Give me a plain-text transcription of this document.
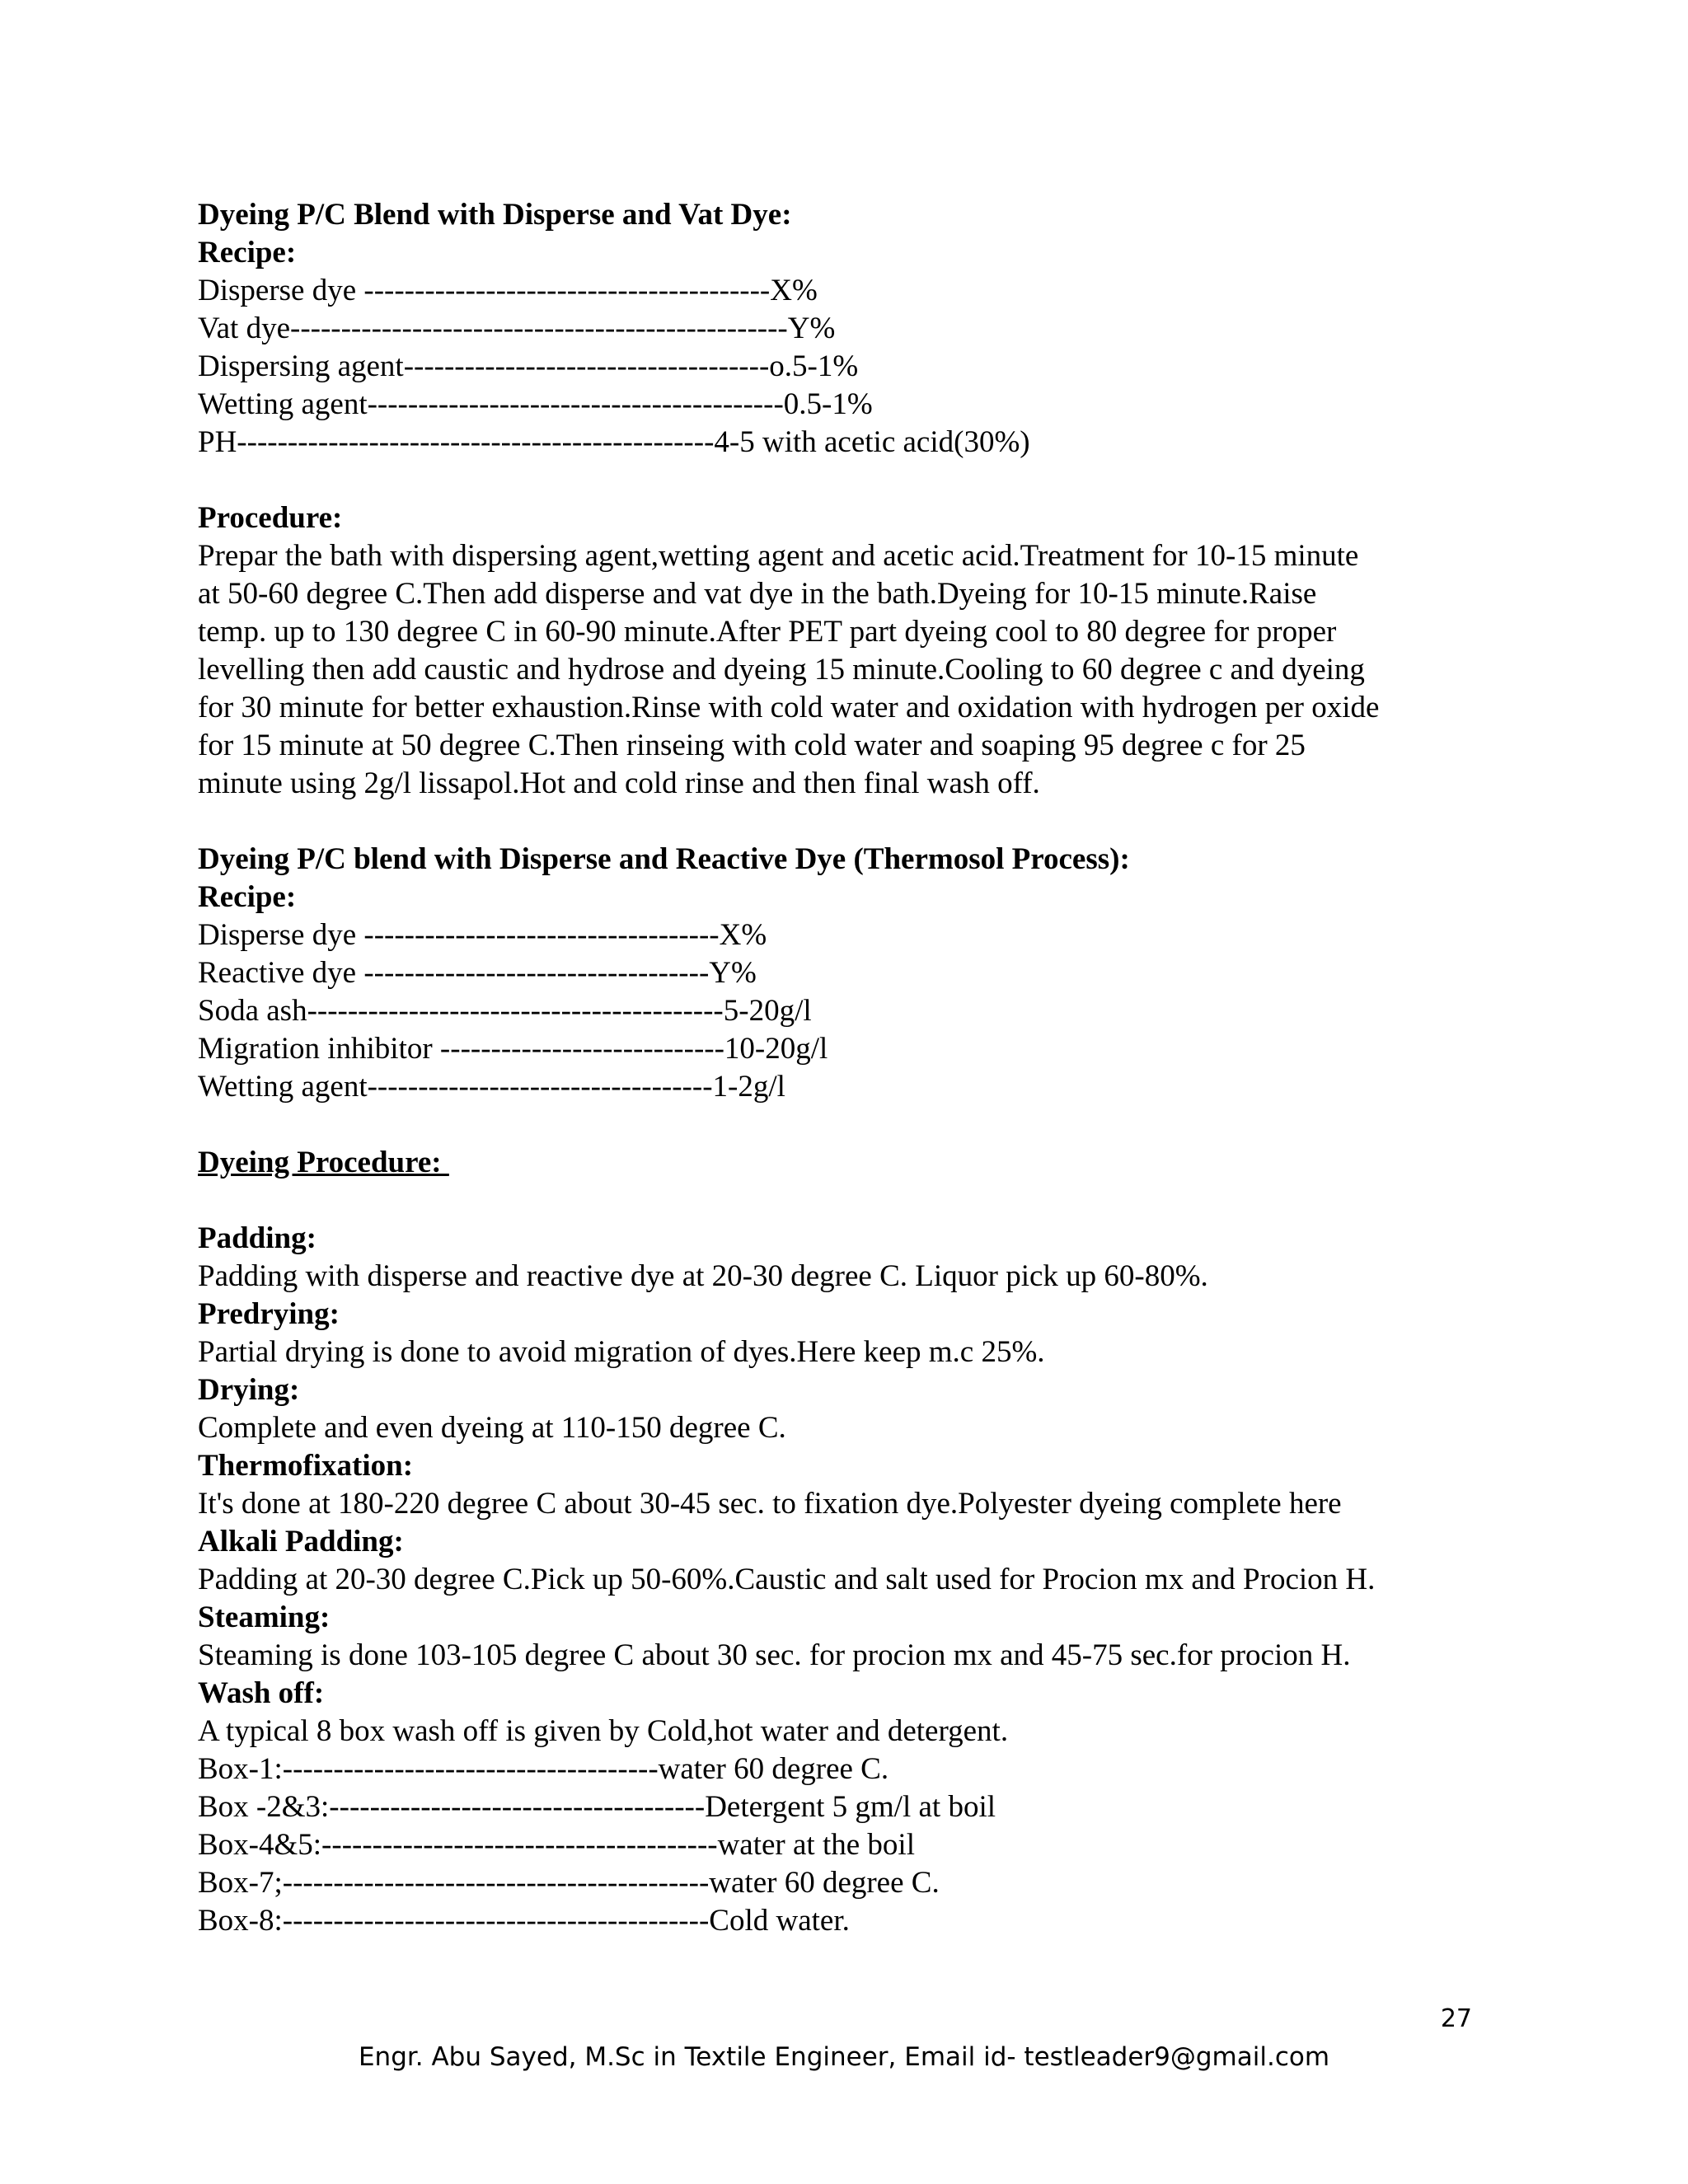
Dyeing P/C Blend with Disperse and Vat Dye:

Recipe:

Disperse dye ----------------------------------------X%

Vat dye-------------------------------------------------Y%

Dispersing agent------------------------------------o.5-1%

Wetting agent-----------------------------------------0.5-1%

PH-----------------------------------------------4-5 with acetic acid(30%)

Procedure:

Prepar the bath with dispersing agent,wetting agent and acetic acid.Treatment for 10-15 minute

at 50-60 degree C.Then add disperse and vat dye in the bath.Dyeing for 10-15 minute.Raise

temp. up to 130 degree C in 60-90 minute.After PET part dyeing cool to 80 degree for proper

levelling then add caustic and hydrose and dyeing 15 minute.Cooling to 60 degree c and dyeing

for 30 minute for better exhaustion.Rinse with cold water and oxidation with hydrogen per oxide

for 15 minute at 50 degree C.Then rinseing with cold water and soaping 95 degree c for 25

minute using 2g/l lissapol.Hot and cold rinse and then final wash off.

Dyeing P/C blend with Disperse and Reactive Dye (Thermosol Process):

Recipe:

Disperse dye -----------------------------------X%

Reactive dye ----------------------------------Y%

Soda ash-----------------------------------------5-20g/l

Migration inhibitor ----------------------------10-20g/l

Wetting agent----------------------------------1-2g/l

Dyeing Procedure:

Padding:

Padding with disperse and reactive dye at 20-30 degree C. Liquor pick up 60-80%.

Predrying:

Partial drying is done to avoid migration of dyes.Here keep m.c 25%.

Drying:

Complete and even dyeing at 110-150 degree C.

Thermofixation:

It's done at 180-220 degree C about 30-45 sec. to fixation dye.Polyester dyeing complete here

Alkali Padding:

Padding at 20-30 degree C.Pick up 50-60%.Caustic and salt used for Procion mx and Procion H.

Steaming:

Steaming is done 103-105 degree C about 30 sec. for procion mx and 45-75 sec.for procion H.

Wash off:

A typical 8 box wash off is given by Cold,hot water and detergent.

Box-1:-------------------------------------water 60 degree C.

Box -2&3:-------------------------------------Detergent 5 gm/l at boil

Box-4&5:---------------------------------------water at the boil

Box-7;------------------------------------------water 60 degree C.

Box-8:------------------------------------------Cold water.

27
Engr. Abu Sayed, M.Sc in Textile Engineer, Email id- testleader9@gmail.com
